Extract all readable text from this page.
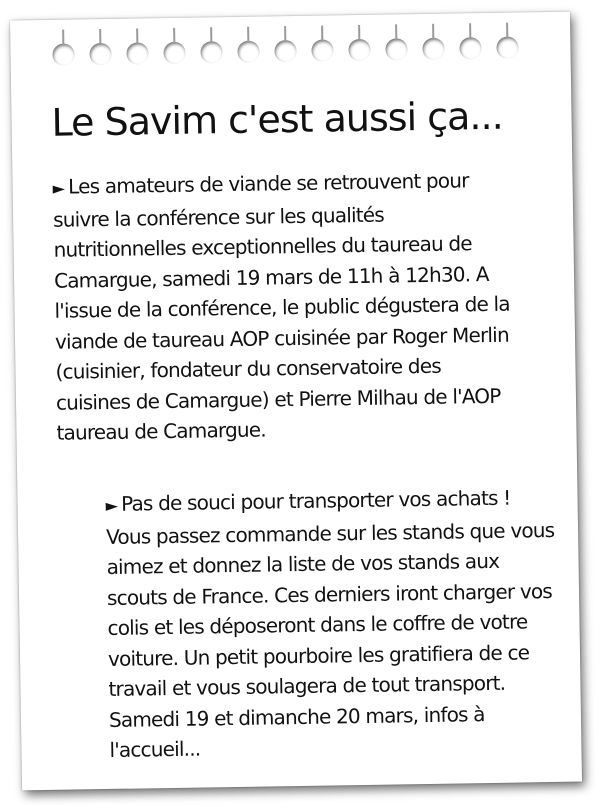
Le Savim c'est aussi ça...
► Les amateurs de viande se retrouvent pour
suivre la conférence sur les qualités
nutritionnelles exceptionnelles du taureau de
Camargue, samedi 19 mars de 11h à 12h30. A
l'issue de la conférence, le public dégustera de la
viande de taureau AOP cuisinée par Roger Merlin
(cuisinier, fondateur du conservatoire des
cuisines de Camargue) et Pierre Milhau de l'AOP
taureau de Camargue.
► Pas de souci pour transporter vos achats !
Vous passez commande sur les stands que vous
aimez et donnez la liste de vos stands aux
scouts de France. Ces derniers iront charger vos
colis et les déposeront dans le coffre de votre
voiture. Un petit pourboire les gratifiera de ce
travail et vous soulagera de tout transport.
Samedi 19 et dimanche 20 mars, infos à
l'accueil...
